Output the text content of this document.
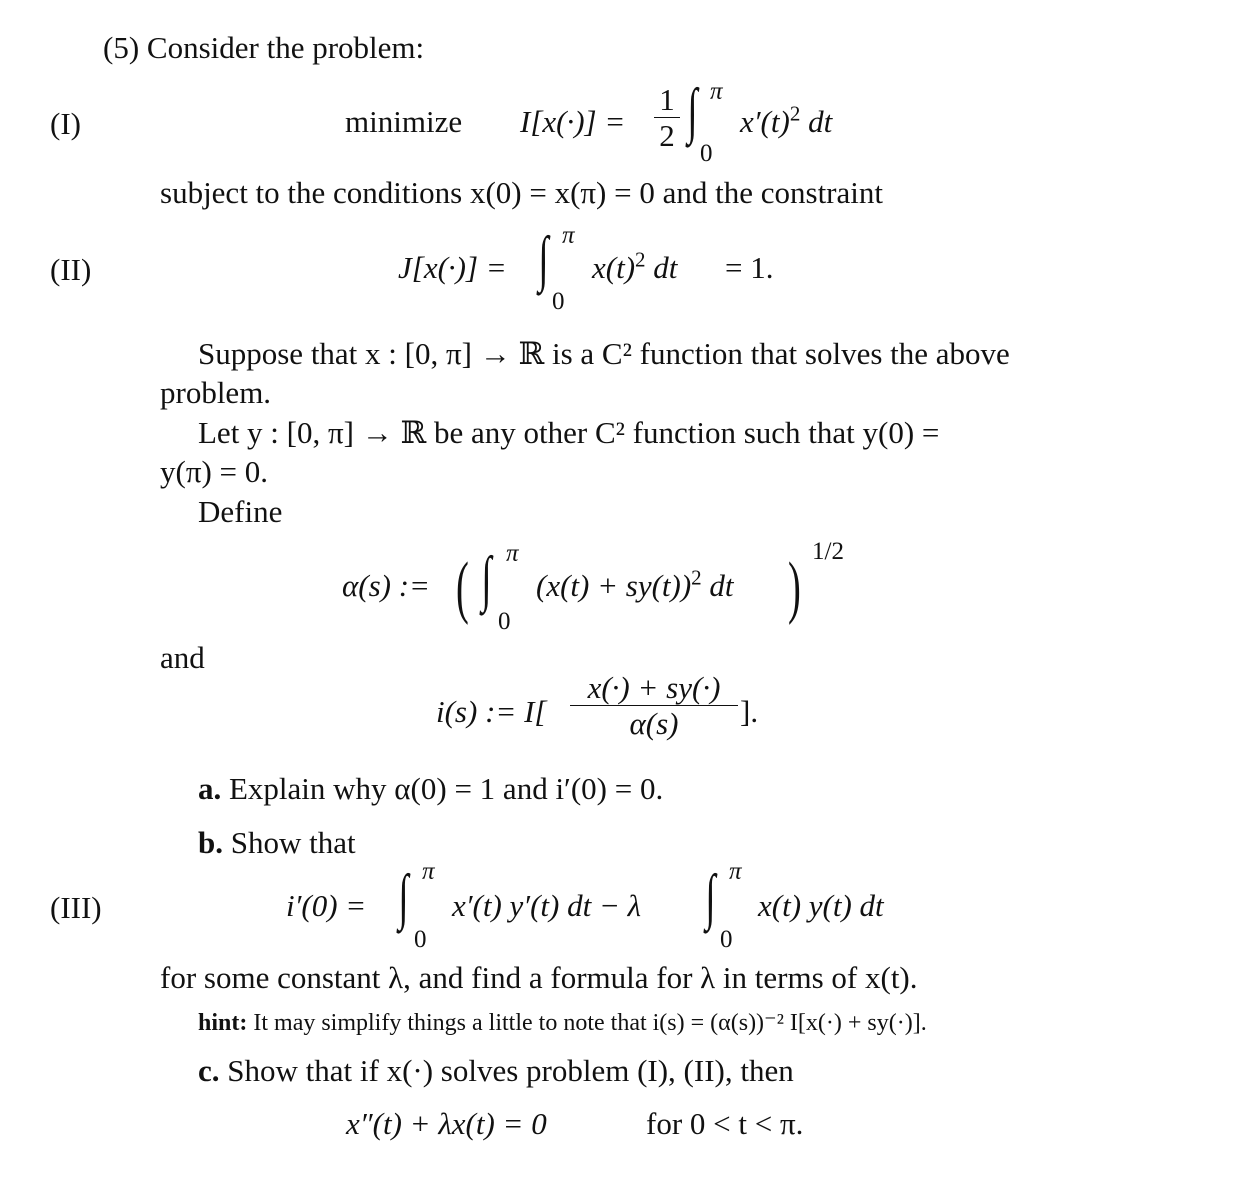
(5) Consider the problem:
(I)	minimize $I[x(\cdot)] = \frac{1}{2}$ ∫ π
0
$x'(t)^2$ dt
subject to the conditions x(0) = x(π) = 0 and the constraint
(II)	J[x(·)] = ∫ π
0
$x(t)^2$ dt = 1.
Suppose that x : [0, π] → ℝ is a C² function that solves the above
problem.
Let y : [0, π] → ℝ be any other C² function such that y(0) =
y(π) = 0.
Define
α(s) := ( ∫ π
0
$(x(t) + sy(t))^2$ dt ) 1/2
and
i(s) := $I[ \frac{x(\cdot) + sy(\cdot)}{\alpha(s)}$ ].
a. Explain why α(0) = 1 and i′(0) = 0.
b. Show that
(III)	i′(0) = ∫ π
0
x′(t) y′(t) dt − λ ∫ π
0
x(t) y(t) dt
for some constant λ, and find a formula for λ in terms of x(t).
hint: It may simplify things a little to note that i(s) = (α(s))⁻² I[x(·) + sy(·)].
c. Show that if x(·) solves problem (I), (II), then
x″(t) + λx(t) = 0	for 0 < t < π.
